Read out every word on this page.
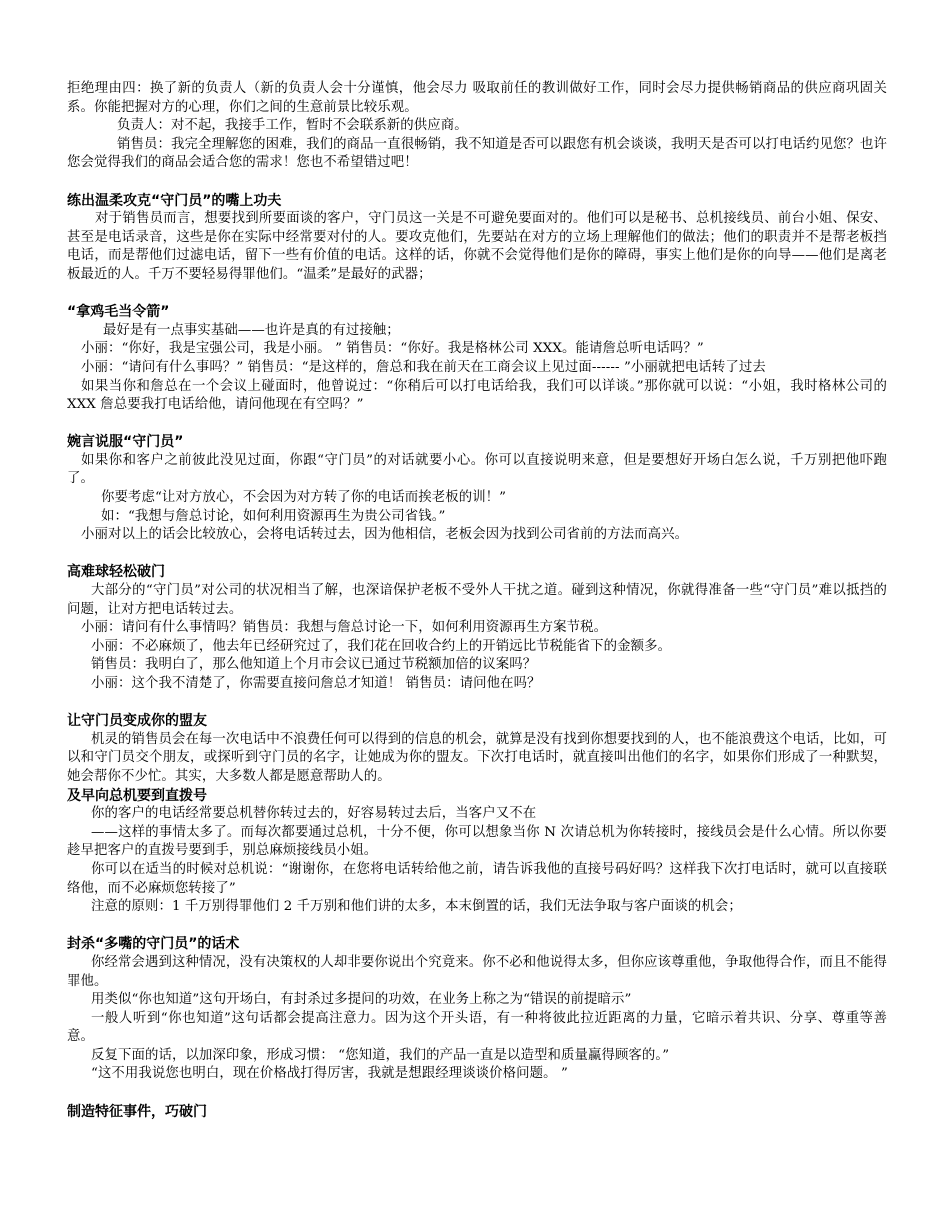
拒绝理由四：换了新的负责人（新的负责人会十分谨慎，他会尽力 吸取前任的教训做好工作，同时会尽力提供畅销商品的供应商巩固关系。你能把握对方的心理，你们之间的生意前景比较乐观。
负责人：对不起，我接手工作，暂时不会联系新的供应商。
销售员：我完全理解您的困难，我们的商品一直很畅销，我不知道是否可以跟您有机会谈谈，我明天是否可以打电话约见您？也许您会觉得我们的商品会适合您的需求！您也不希望错过吧！
练出温柔攻克“守门员”的嘴上功夫
对于销售员而言，想要找到所要面谈的客户，守门员这一关是不可避免要面对的。他们可以是秘书、总机接线员、前台小姐、保安、甚至是电话录音，这些是你在实际中经常要对付的人。要攻克他们，先要站在对方的立场上理解他们的做法；他们的职责并不是帮老板挡电话，而是帮他们过滤电话，留下一些有价值的电话。这样的话，你就不会觉得他们是你的障碍，事实上他们是你的向导——他们是离老板最近的人。千万不要轻易得罪他们。“温柔”是最好的武器；
“拿鸡毛当令箭”
最好是有一点事实基础——也许是真的有过接触；
小丽：“你好，我是宝强公司，我是小丽。 ” 销售员：“你好。我是格林公司 XXX。能请詹总听电话吗？”
小丽：“请问有什么事吗？” 销售员：“是这样的，詹总和我在前天在工商会议上见过面------ ”小丽就把电话转了过去
如果当你和詹总在一个会议上碰面时，他曾说过：“你稍后可以打电话给我，我们可以详谈。”那你就可以说：“小姐，我时格林公司的 XXX 詹总要我打电话给他，请问他现在有空吗？”
婉言说服“守门员”
如果你和客户之前彼此没见过面，你跟“守门员”的对话就要小心。你可以直接说明来意，但是要想好开场白怎么说，千万别把他吓跑了。
你要考虑“让对方放心，不会因为对方转了你的电话而挨老板的训！”
如：“我想与詹总讨论，如何利用资源再生为贵公司省钱。”
小丽对以上的话会比较放心，会将电话转过去，因为他相信，老板会因为找到公司省前的方法而高兴。
高难球轻松破门
大部分的“守门员”对公司的状况相当了解，也深谙保护老板不受外人干扰之道。碰到这种情况，你就得准备一些“守门员”难以抵挡的问题，让对方把电话转过去。
小丽：请问有什么事情吗？销售员：我想与詹总讨论一下，如何利用资源再生方案节税。
小丽：不必麻烦了，他去年已经研究过了，我们花在回收合约上的开销远比节税能省下的金额多。
销售员：我明白了，那么他知道上个月市会议已通过节税额加倍的议案吗？
小丽：这个我不清楚了，你需要直接问詹总才知道！ 销售员：请问他在吗？
让守门员变成你的盟友
机灵的销售员会在每一次电话中不浪费任何可以得到的信息的机会，就算是没有找到你想要找到的人，也不能浪费这个电话，比如，可以和守门员交个朋友，或探听到守门员的名字，让她成为你的盟友。下次打电话时，就直接叫出他们的名字，如果你们形成了一种默契，她会帮你不少忙。其实，大多数人都是愿意帮助人的。
及早向总机要到直拨号
你的客户的电话经常要总机替你转过去的，好容易转过去后，当客户又不在
——这样的事情太多了。而每次都要通过总机，十分不便，你可以想象当你 N 次请总机为你转接时，接线员会是什么心情。所以你要趁早把客户的直拨号要到手，别总麻烦接线员小姐。
你可以在适当的时候对总机说：“谢谢你，在您将电话转给他之前，请告诉我他的直接号码好吗？这样我下次打电话时，就可以直接联络他，而不必麻烦您转接了”
注意的原则：1 千万别得罪他们 2 千万别和他们讲的太多，本末倒置的话，我们无法争取与客户面谈的机会；
封杀“多嘴的守门员”的话术
你经常会遇到这种情况，没有决策权的人却非要你说出个究竟来。你不必和他说得太多，但你应该尊重他，争取他得合作，而且不能得罪他。
用类似“你也知道”这句开场白，有封杀过多提问的功效，在业务上称之为“错误的前提暗示”
一般人听到“你也知道”这句话都会提高注意力。因为这个开头语，有一种将彼此拉近距离的力量，它暗示着共识、分享、尊重等善意。
反复下面的话，以加深印象，形成习惯： “您知道，我们的产品一直是以造型和质量赢得顾客的。”
“这不用我说您也明白，现在价格战打得厉害，我就是想跟经理谈谈价格问题。 ”
制造特征事件，巧破门
